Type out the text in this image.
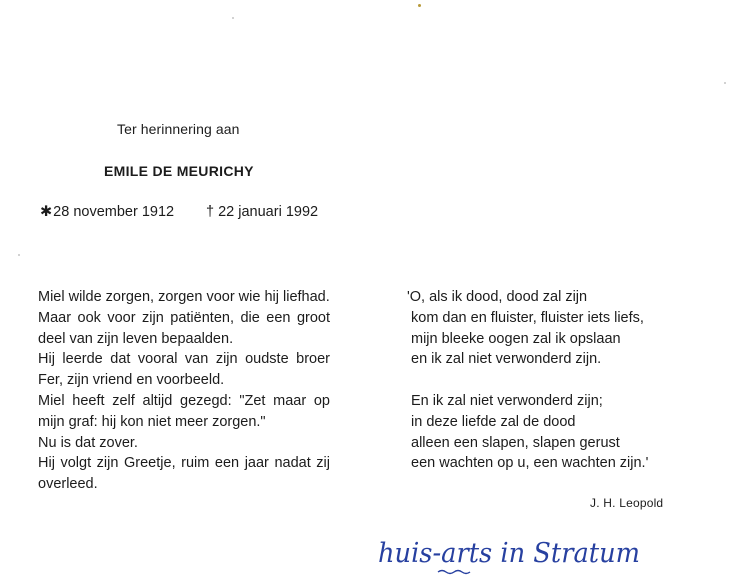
Ter herinnering aan
EMILE DE MEURICHY
✱28 november 1912 † 22 januari 1992

Miel wilde zorgen, zorgen voor wie hij liefhad.

Maar ook voor zijn patiënten, die een groot deel van zijn leven bepaalden.

Hij leerde dat vooral van zijn oudste broer Fer, zijn vriend en voorbeeld.

Miel heeft zelf altijd gezegd: "Zet maar op mijn graf: hij kon niet meer zorgen."

Nu is dat zover.

Hij volgt zijn Greetje, ruim een jaar nadat zij overleed.

'O, als ik dood, dood zal zijn
kom dan en fluister, fluister iets liefs,
mijn bleeke oogen zal ik opslaan
en ik zal niet verwonderd zijn.
En ik zal niet verwonderd zijn;
in deze liefde zal de dood
alleen een slapen, slapen gerust
een wachten op u, een wachten zijn.'
J. H. Leopold
huis-arts in Stratum
